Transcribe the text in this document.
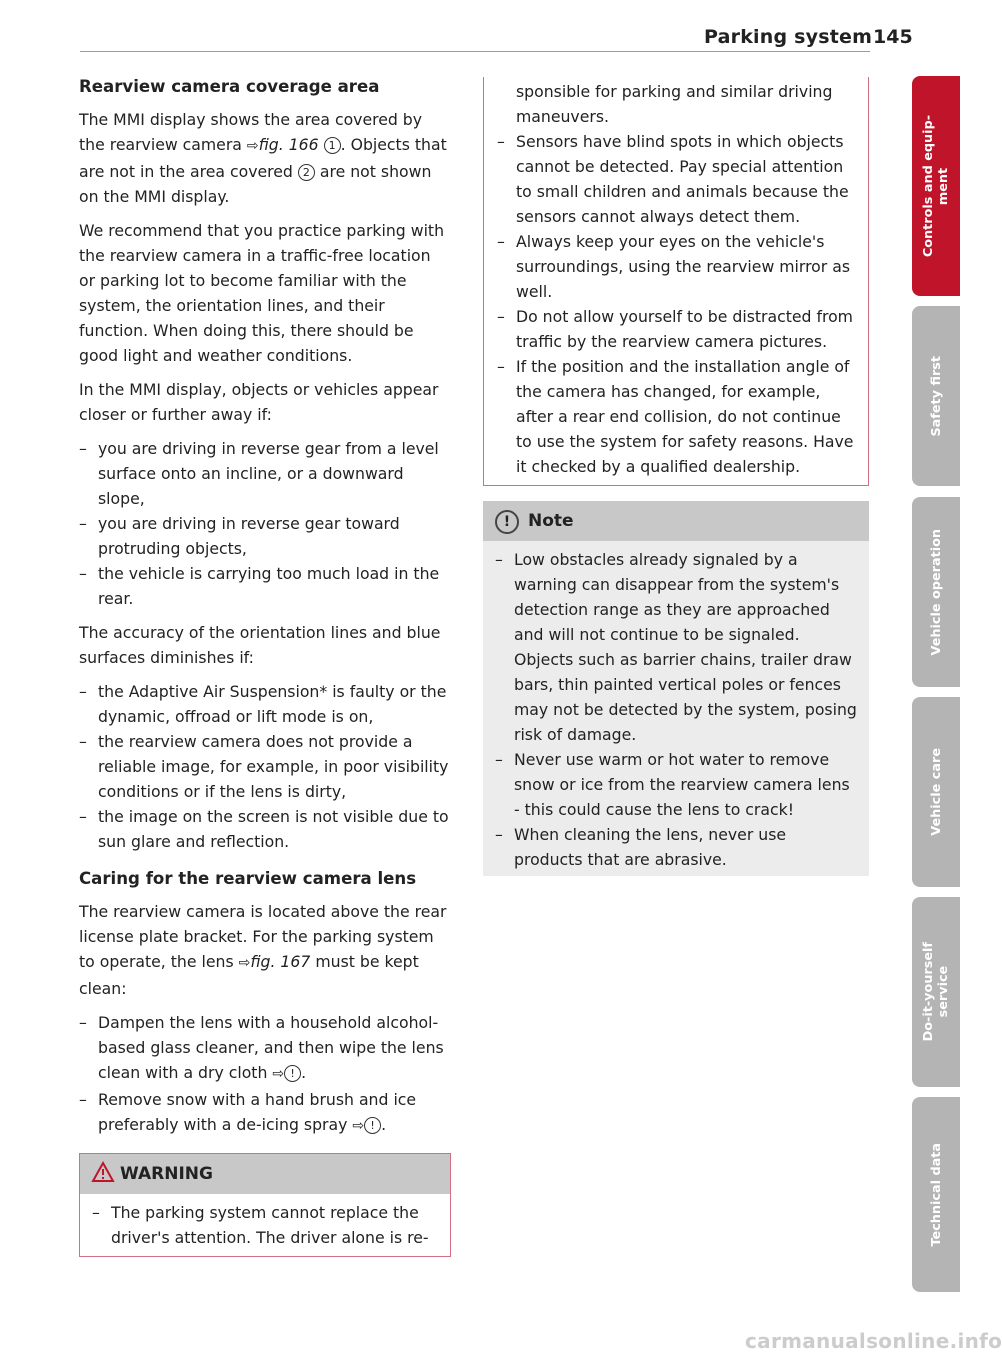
Parking system 145
Rearview camera coverage area

The MMI display shows the area covered by the rearview camera ⇨fig. 166 1 . Objects that are not in the area covered 2 are not shown on the MMI display.

We recommend that you practice parking with the rearview camera in a traffic-free location or parking lot to become familiar with the system, the orientation lines, and their function. When doing this, there should be good light and weather conditions.

In the MMI display, objects or vehicles appear closer or further away if:

– you are driving in reverse gear from a level surface onto an incline, or a downward slope,
– you are driving in reverse gear toward protruding objects,
– the vehicle is carrying too much load in the rear.

The accuracy of the orientation lines and blue surfaces diminishes if:

– the Adaptive Air Suspension* is faulty or the dynamic, offroad or lift mode is on,
– the rearview camera does not provide a reliable image, for example, in poor visibility conditions or if the lens is dirty,
– the image on the screen is not visible due to sun glare and reflection.
Caring for the rearview camera lens

The rearview camera is located above the rear license plate bracket. For the parking system to operate, the lens ⇨fig. 167 must be kept clean:

– Dampen the lens with a household alcohol-based glass cleaner, and then wipe the lens clean with a dry cloth ⇨ ! .
– Remove snow with a hand brush and ice preferably with a de-icing spray ⇨ ! .
WARNING
– The parking system cannot replace the driver's attention. The driver alone is re-
sponsible for parking and similar driving maneuvers.
– Sensors have blind spots in which objects cannot be detected. Pay special attention to small children and animals because the sensors cannot always detect them.
– Always keep your eyes on the vehicle's surroundings, using the rearview mirror as well.
– Do not allow yourself to be distracted from traffic by the rearview camera pictures.
– If the position and the installation angle of the camera has changed, for example, after a rear end collision, do not continue to use the system for safety reasons. Have it checked by a qualified dealership.
! Note
– Low obstacles already signaled by a warning can disappear from the system's detection range as they are approached and will not continue to be signaled. Objects such as barrier chains, trailer draw bars, thin painted vertical poles or fences may not be detected by the system, posing risk of damage.
– Never use warm or hot water to remove snow or ice from the rearview camera lens - this could cause the lens to crack!
– When cleaning the lens, never use products that are abrasive.
Controls and equip-
ment
Safety first
Vehicle operation
Vehicle care
Do-it-yourself
service
Technical data
carmanualsonline.info
